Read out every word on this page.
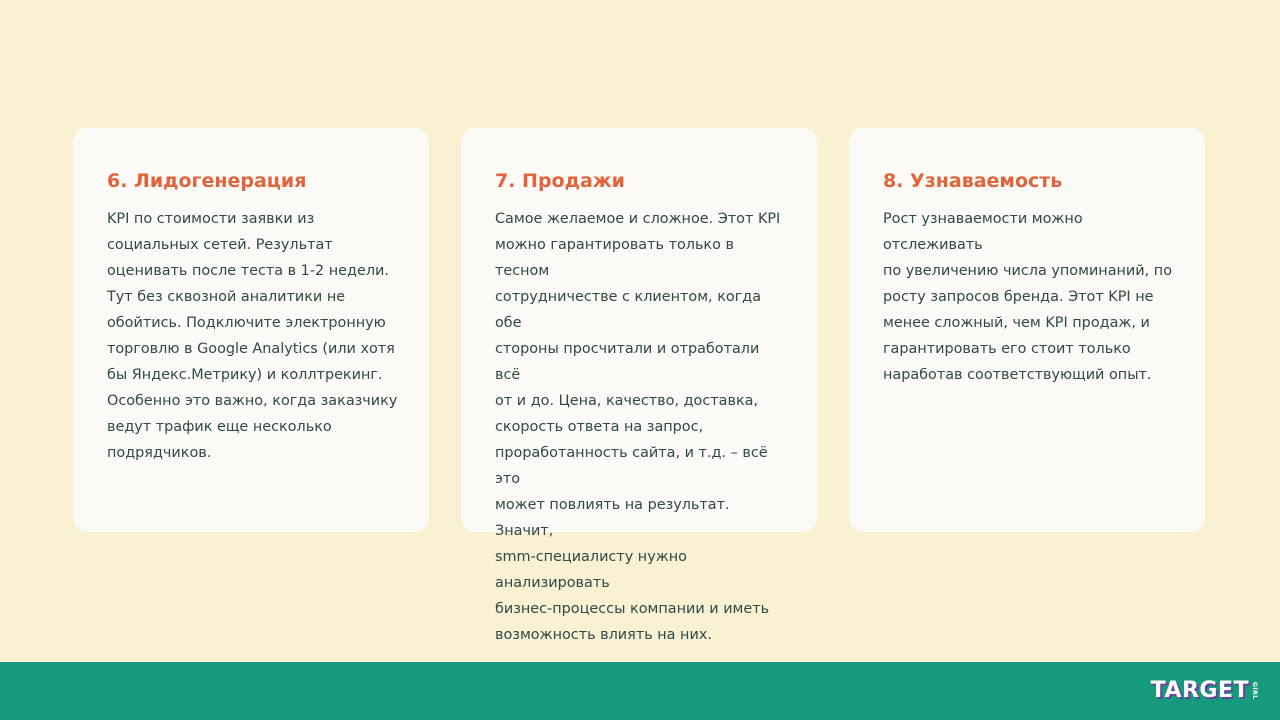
6. Лидогенерация

KPI по стоимости заявки из
социальных сетей. Результат
оценивать после теста в 1-2 недели.
Тут без сквозной аналитики не
обойтись. Подключите электронную
торговлю в Google Analytics (или хотя
бы Яндекс.Метрику) и коллтрекинг.
Особенно это важно, когда заказчику
ведут трафик еще несколько
подрядчиков.

7. Продажи

Самое желаемое и сложное. Этот KPI
можно гарантировать только в тесном
сотрудничестве с клиентом, когда обе
стороны просчитали и отработали всё
от и до. Цена, качество, доставка,
скорость ответа на запрос,
проработанность сайта, и т.д. – всё это
может повлиять на результат. Значит,
smm-специалисту нужно анализировать
бизнес-процессы компании и иметь
возможность влиять на них.

8. Узнаваемость

Рост узнаваемости можно отслеживать
по увеличению числа упоминаний, по
росту запросов бренда. Этот KPI не
менее сложный, чем KPI продаж, и
гарантировать его стоит только
наработав соответствующий опыт.

TARGET GIRL
